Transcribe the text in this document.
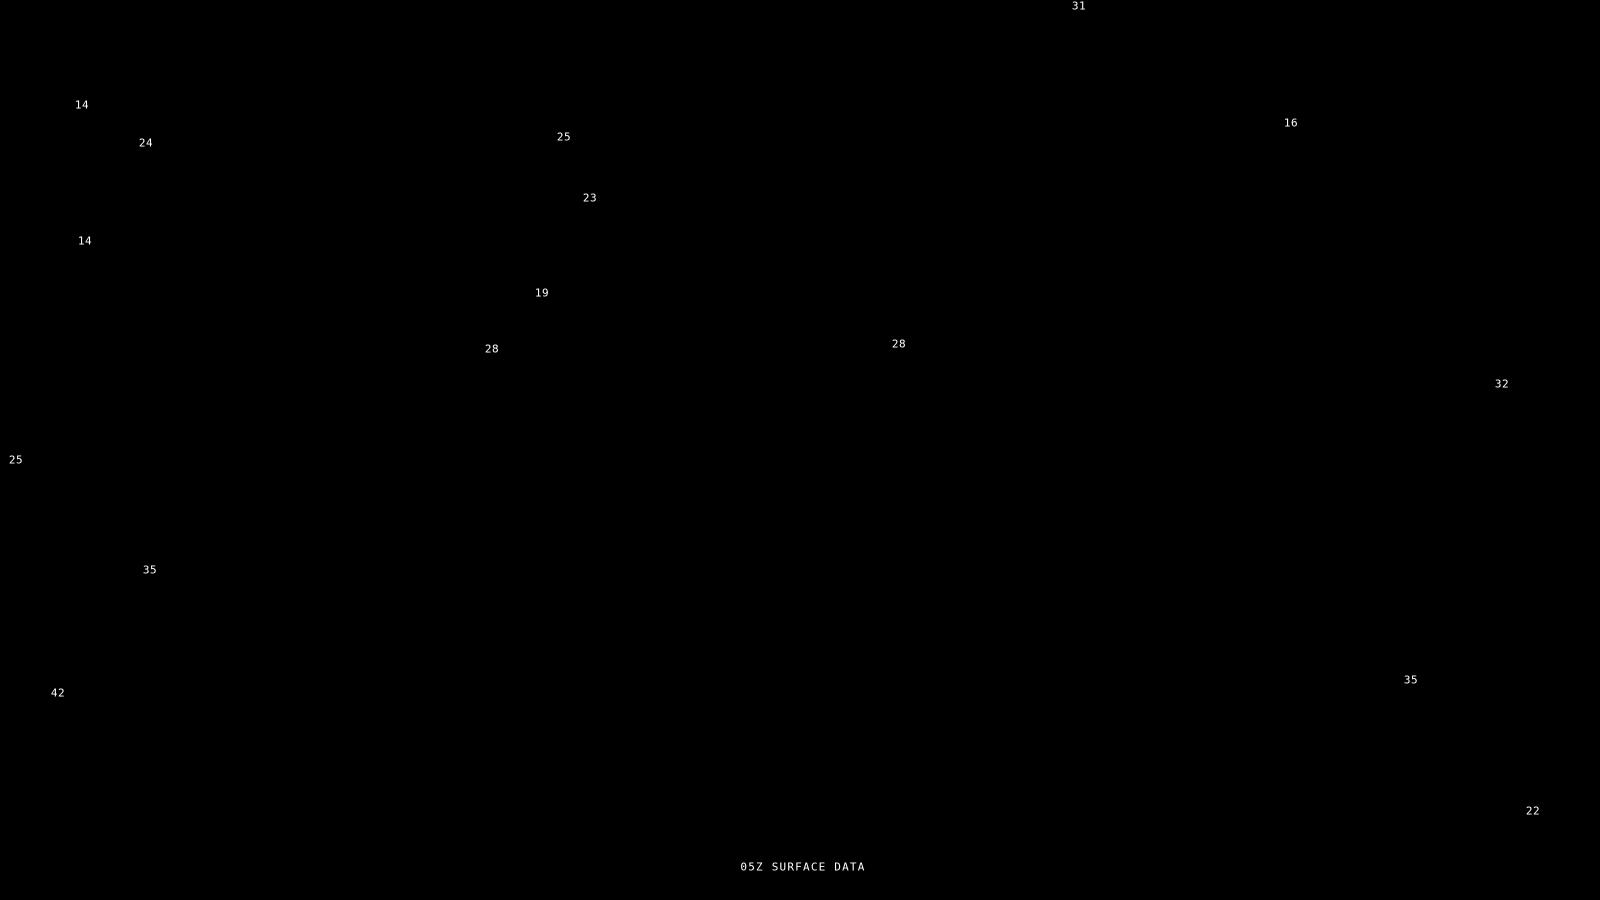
31
14
24	25
16
23
14
19
28	28
32
25
35
42
35
22
05Z SURFACE DATA
